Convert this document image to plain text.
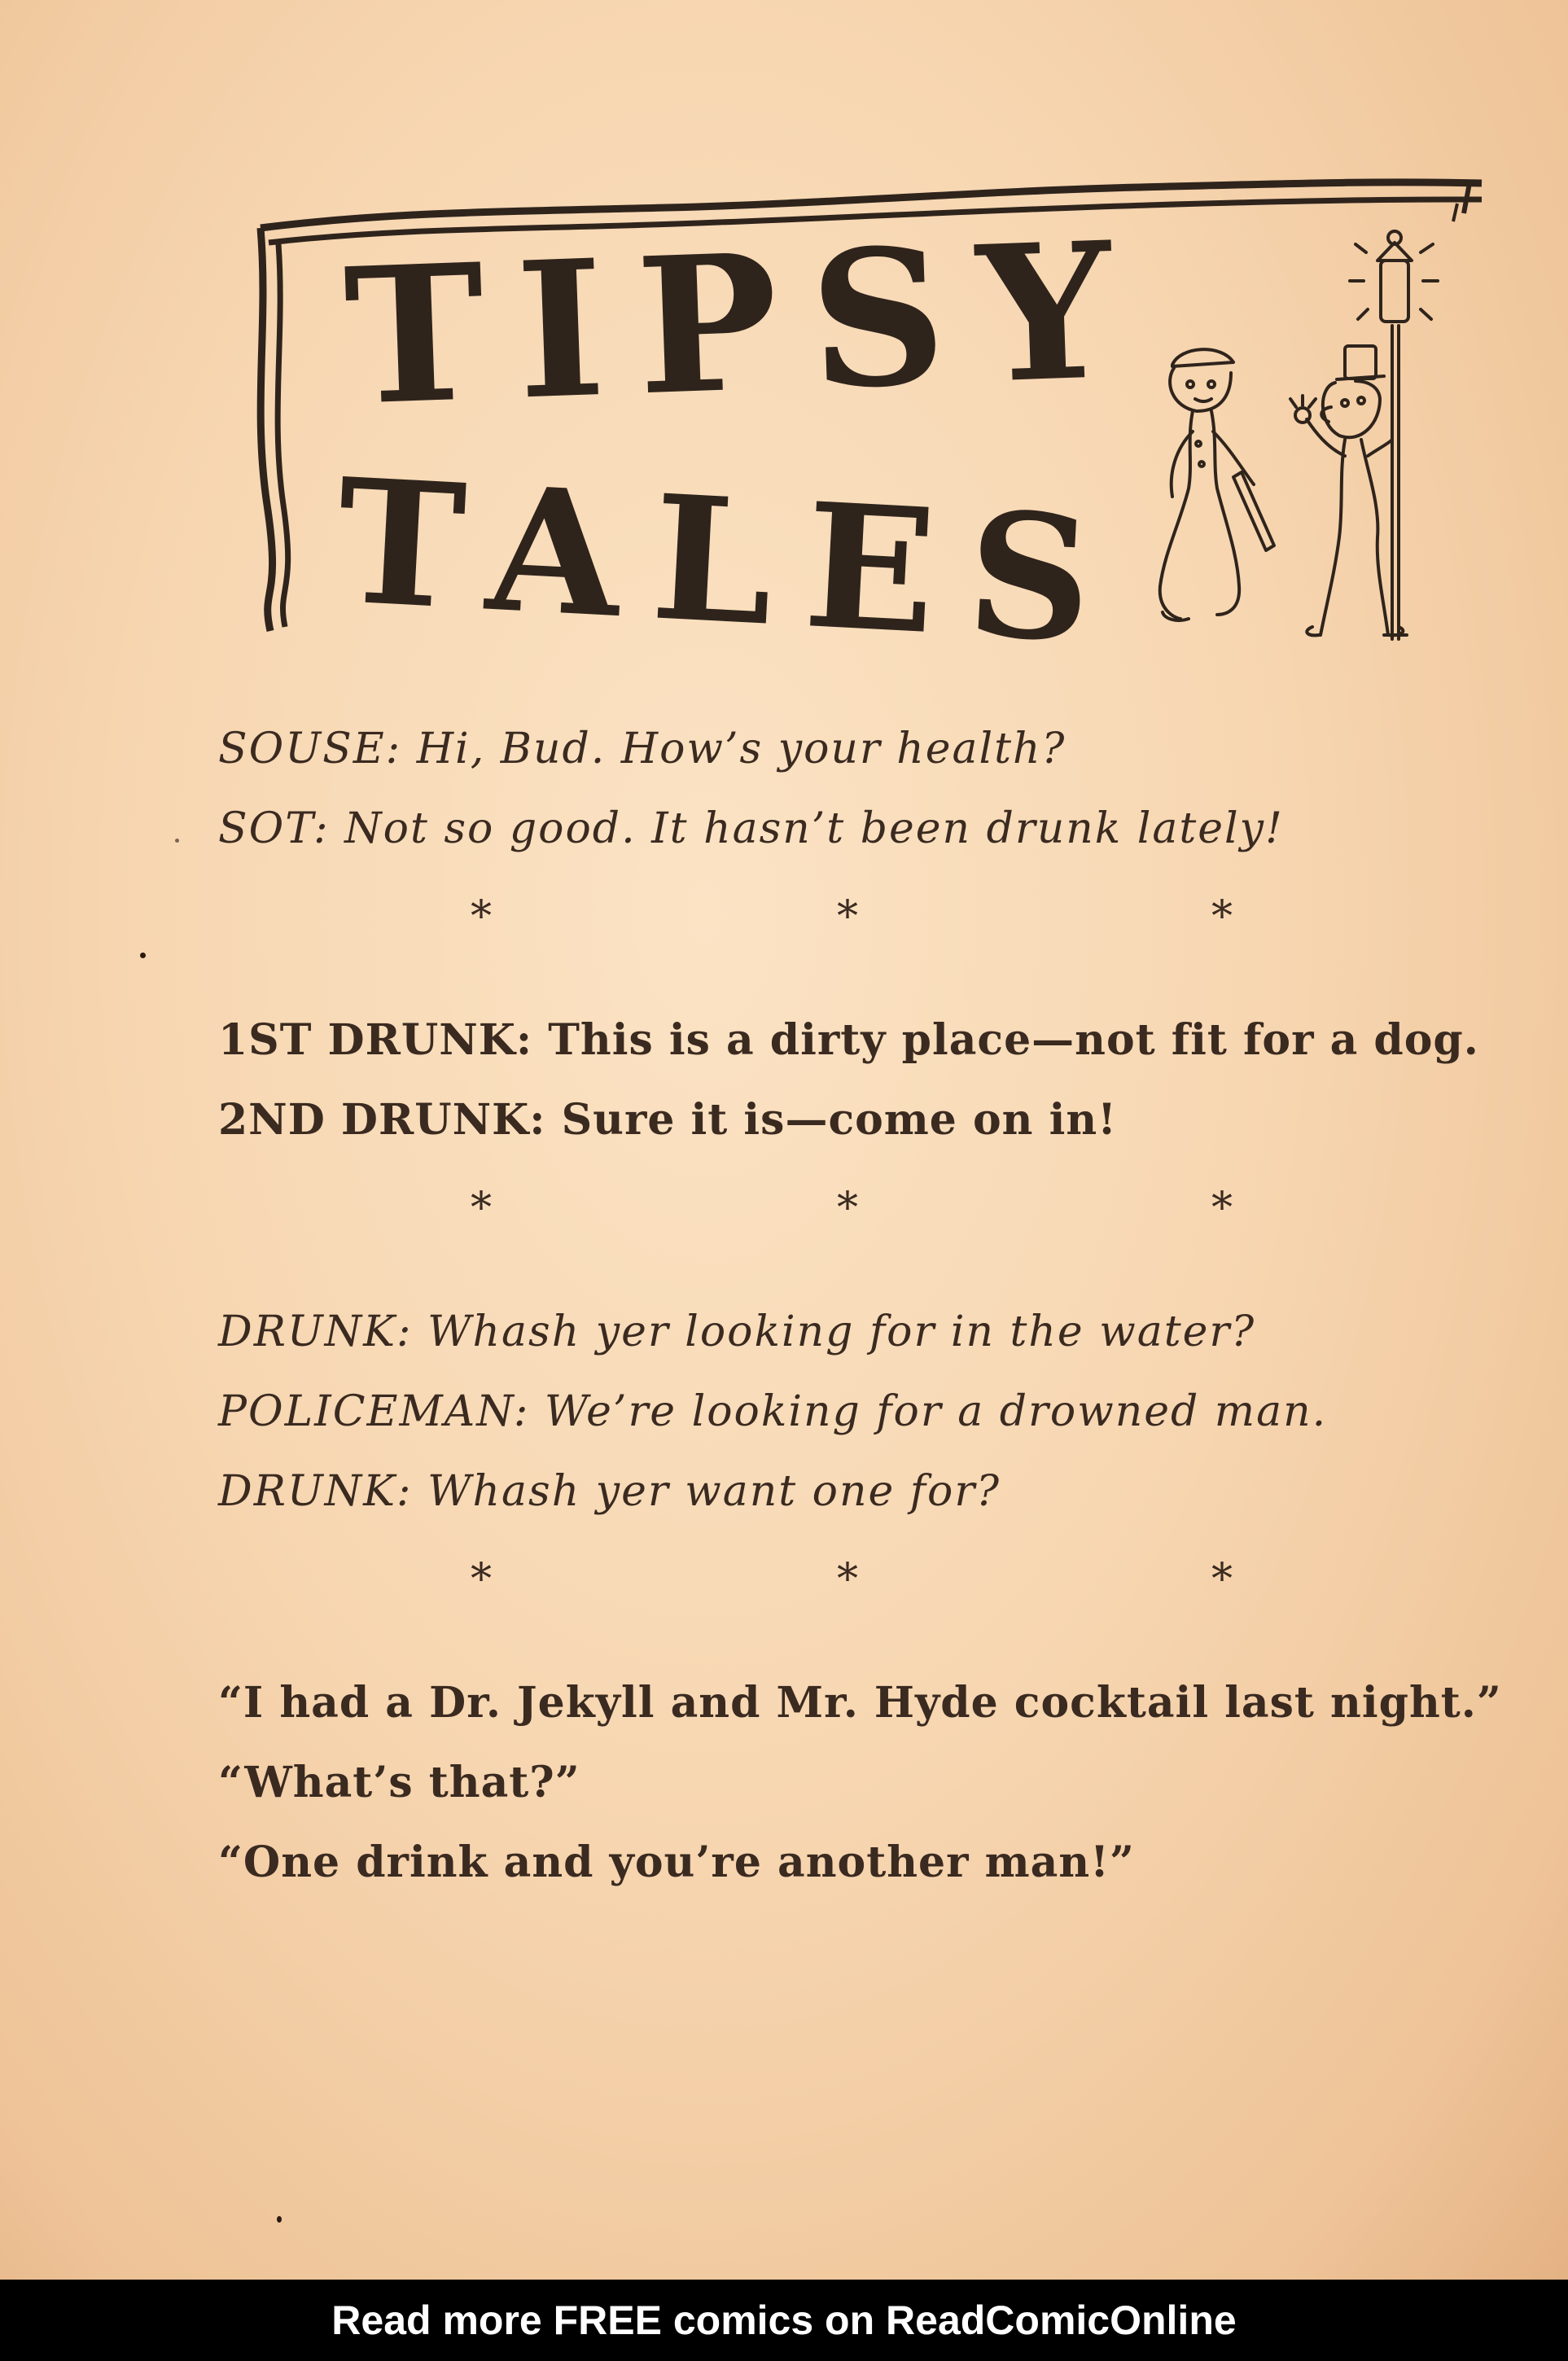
TIPSY
TALES

SOUSE: Hi, Bud. How’s your health?

SOT: Not so good. It hasn’t been drunk lately!

*	*	*

1ST DRUNK: This is a dirty place—not fit for a dog.

2ND DRUNK: Sure it is—come on in!

*	*	*

DRUNK: Whash yer looking for in the water?

POLICEMAN: We’re looking for a drowned man.

DRUNK: Whash yer want one for?

*	*	*

“I had a Dr. Jekyll and Mr. Hyde cocktail last night.”

“What’s that?”

“One drink and you’re another man!”

Read more FREE comics on ReadComicOnline
